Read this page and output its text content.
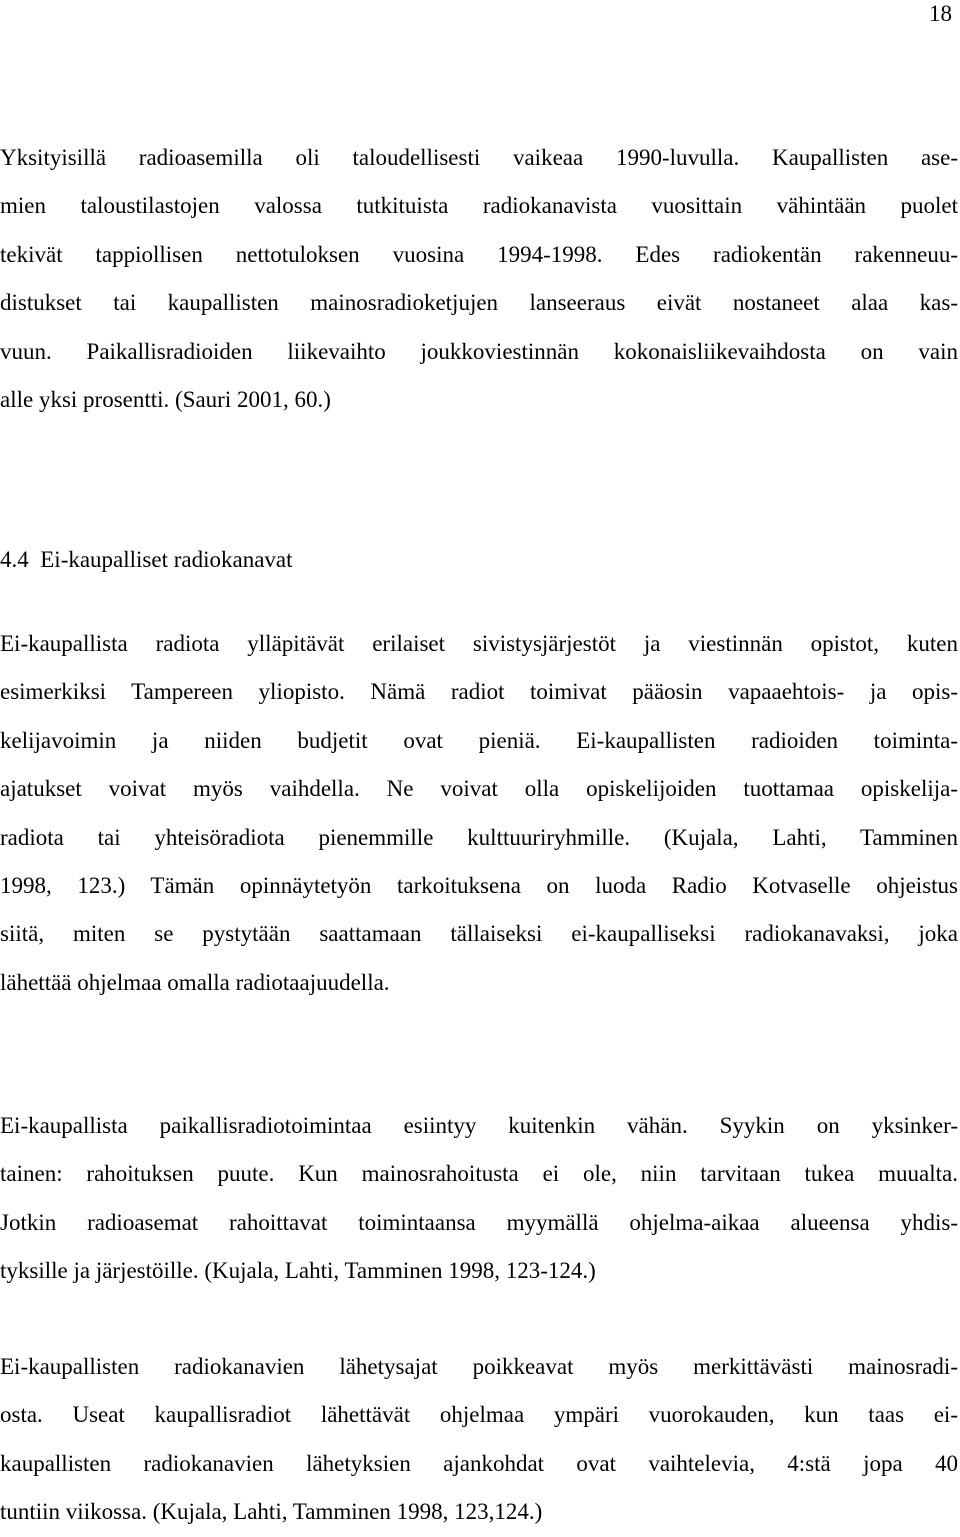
18
Yksityisillä radioasemilla oli taloudellisesti vaikeaa 1990-luvulla. Kaupallisten ase-
mien taloustilastojen valossa tutkituista radiokanavista vuosittain vähintään puolet
tekivät tappiollisen nettotuloksen vuosina 1994-1998. Edes radiokentän rakenneuu-
distukset tai kaupallisten mainosradioketjujen lanseeraus eivät nostaneet alaa kas-
vuun. Paikallisradioiden liikevaihto joukkoviestinnän kokonaisliikevaihdosta on vain
alle yksi prosentti. (Sauri 2001, 60.)
4.4 Ei-kaupalliset radiokanavat
Ei-kaupallista radiota ylläpitävät erilaiset sivistysjärjestöt ja viestinnän opistot, kuten
esimerkiksi Tampereen yliopisto. Nämä radiot toimivat pääosin vapaaehtois- ja opis-
kelijavoimin ja niiden budjetit ovat pieniä. Ei-kaupallisten radioiden toiminta-
ajatukset voivat myös vaihdella. Ne voivat olla opiskelijoiden tuottamaa opiskelija-
radiota tai yhteisöradiota pienemmille kulttuuriryhmille. (Kujala, Lahti, Tamminen
1998, 123.) Tämän opinnäytetyön tarkoituksena on luoda Radio Kotvaselle ohjeistus
siitä, miten se pystytään saattamaan tällaiseksi ei-kaupalliseksi radiokanavaksi, joka
lähettää ohjelmaa omalla radiotaajuudella.
Ei-kaupallista paikallisradiotoimintaa esiintyy kuitenkin vähän. Syykin on yksinker-
tainen: rahoituksen puute. Kun mainosrahoitusta ei ole, niin tarvitaan tukea muualta.
Jotkin radioasemat rahoittavat toimintaansa myymällä ohjelma-aikaa alueensa yhdis-
tyksille ja järjestöille. (Kujala, Lahti, Tamminen 1998, 123-124.)
Ei-kaupallisten radiokanavien lähetysajat poikkeavat myös merkittävästi mainosradi-
osta. Useat kaupallisradiot lähettävät ohjelmaa ympäri vuorokauden, kun taas ei-
kaupallisten radiokanavien lähetyksien ajankohdat ovat vaihtelevia, 4:stä jopa 40
tuntiin viikossa. (Kujala, Lahti, Tamminen 1998, 123,124.)
